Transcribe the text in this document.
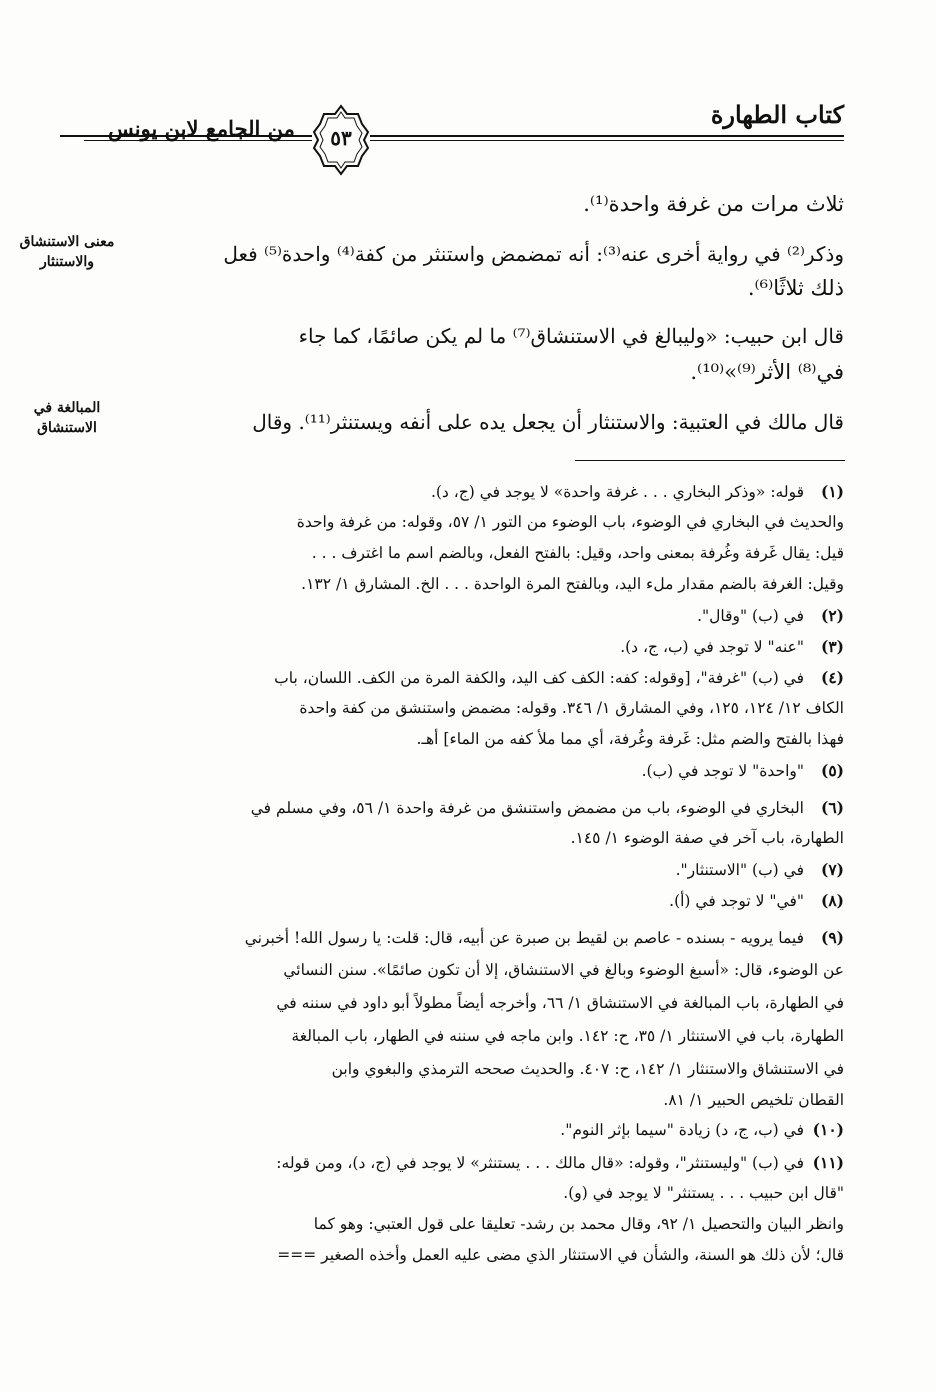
كتاب الطهارة
من الجامع لابن يونس	٥٣
معنى الاستنشاق والاستنثار
المبالغة في الاستنشاق
ثلاث مرات من غرفة واحدة⁽¹⁾.
وذكر⁽²⁾ في رواية أخرى عنه⁽³⁾: أنه تمضمض واستنثر من كفة⁽⁴⁾ واحدة⁽⁵⁾ فعل
ذلك ثلاثًا⁽⁶⁾.
قال ابن حبيب: «وليبالغ في الاستنشاق⁽⁷⁾ ما لم يكن صائمًا، كما جاء
في⁽⁸⁾ الأثر⁽⁹⁾»⁽¹⁰⁾.
قال مالك في العتبية: والاستنثار أن يجعل يده على أنفه ويستنثر⁽¹¹⁾. وقال
(١)قوله: «وذكر البخاري . . . غرفة واحدة» لا يوجد في (ج، د).
والحديث في البخاري في الوضوء، باب الوضوء من التور ١/ ٥٧، وقوله: من غرفة واحدة
قيل: يقال غَرفة وغُرفة بمعنى واحد، وقيل: بالفتح الفعل، وبالضم اسم ما اغترف . . .
وقيل: الغرفة بالضم مقدار ملء اليد، وبالفتح المرة الواحدة . . . الخ. المشارق ١/ ١٣٢.
(٢)في (ب) "وقال".
(٣)"عنه" لا توجد في (ب، ج، د).
(٤)في (ب) "غرفة"، [وقوله: كفه: الكف كف اليد، والكفة المرة من الكف. اللسان، باب
الكاف ١٢/ ١٢٤، ١٢٥، وفي المشارق ١/ ٣٤٦. وقوله: مضمض واستنشق من كفة واحدة
فهذا بالفتح والضم مثل: غَرفة وغُرفة، أي مما ملأ كفه من الماء] أهـ.
(٥)"واحدة" لا توجد في (ب).
(٦)البخاري في الوضوء، باب من مضمض واستنشق من غرفة واحدة ١/ ٥٦، وفي مسلم في
الطهارة، باب آخر في صفة الوضوء ١/ ١٤٥.
(٧)في (ب) "الاستنثار".
(٨)"في" لا توجد في (أ).
(٩)فيما يرويه - بسنده - عاصم بن لقيط بن صبرة عن أبيه، قال: قلت: يا رسول الله! أخبرني
عن الوضوء، قال: «أسبغ الوضوء وبالغ في الاستنشاق، إلا أن تكون صائمًا». سنن النسائي
في الطهارة، باب المبالغة في الاستنشاق ١/ ٦٦، وأخرجه أيضاً مطولاً أبو داود في سننه في
الطهارة، باب في الاستنثار ١/ ٣٥، ح: ١٤٢. وابن ماجه في سننه في الطهار، باب المبالغة
في الاستنشاق والاستنثار ١/ ١٤٢، ح: ٤٠٧. والحديث صححه الترمذي والبغوي وابن
القطان تلخيص الحبير ١/ ٨١.
(١٠)في (ب، ج، د) زيادة "سيما بإثر النوم".
(١١)في (ب) "وليستنثر"، وقوله: «قال مالك . . . يستنثر» لا يوجد في (ج، د)، ومن قوله:
"قال ابن حبيب . . . يستنثر" لا يوجد في (و).
وانظر البيان والتحصيل ١/ ٩٢، وقال محمد بن رشد- تعليقا على قول العتبي: وهو كما
قال؛ لأن ذلك هو السنة، والشأن في الاستنثار الذي مضى عليه العمل وأخذه الصغير ===
